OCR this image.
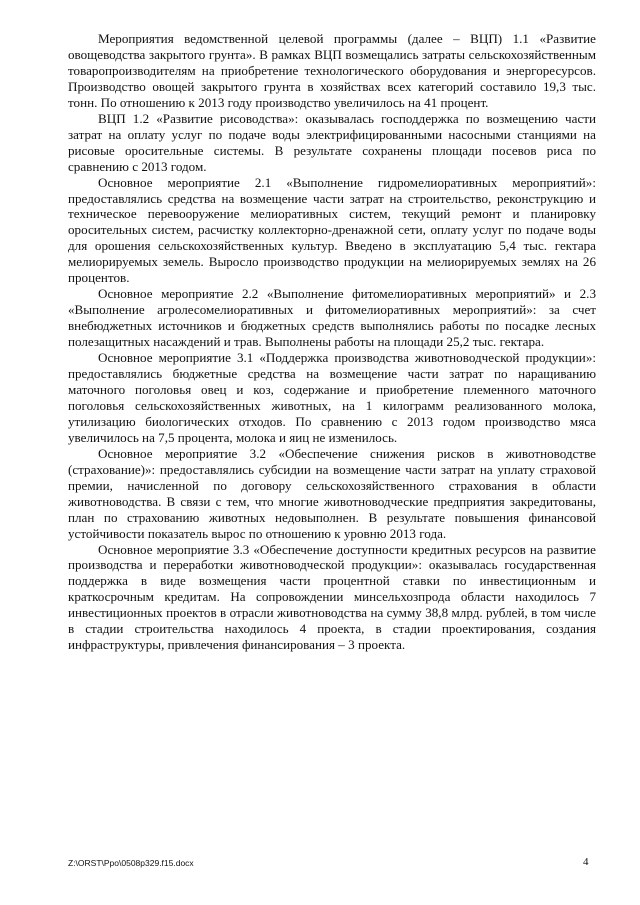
Мероприятия ведомственной целевой программы (далее – ВЦП) 1.1 «Развитие овощеводства закрытого грунта». В рамках ВЦП возмещались затраты сельскохозяйственным товаропроизводителям на приобретение технологического оборудования и энергоресурсов. Производство овощей закрытого грунта в хозяйствах всех категорий составило 19,3 тыс. тонн. По отношению к 2013 году производство увеличилось на 41 процент.

ВЦП 1.2 «Развитие рисоводства»: оказывалась господдержка по возмещению части затрат на оплату услуг по подаче воды электрифицированными насосными станциями на рисовые оросительные системы. В результате сохранены площади посевов риса по сравнению с 2013 годом.

Основное мероприятие 2.1 «Выполнение гидромелиоративных мероприятий»: предоставлялись средства на возмещение части затрат на строительство, реконструкцию и техническое перевооружение мелиоративных систем, текущий ремонт и планировку оросительных систем, расчистку коллекторно-дренажной сети, оплату услуг по подаче воды для орошения сельскохозяйственных культур. Введено в эксплуатацию 5,4 тыс. гектара мелиорируемых земель. Выросло производство продукции на мелиорируемых землях на 26 процентов.

Основное мероприятие 2.2 «Выполнение фитомелиоративных мероприятий» и 2.3 «Выполнение агролесомелиоративных и фитомелиоративных мероприятий»: за счет внебюджетных источников и бюджетных средств выполнялись работы по посадке лесных полезащитных насаждений и трав. Выполнены работы на площади 25,2 тыс. гектара.

Основное мероприятие 3.1 «Поддержка производства животноводческой продукции»: предоставлялись бюджетные средства на возмещение части затрат по наращиванию маточного поголовья овец и коз, содержание и приобретение племенного маточного поголовья сельскохозяйственных животных, на 1 килограмм реализованного молока, утилизацию биологических отходов. По сравнению с 2013 годом производство мяса увеличилось на 7,5 процента, молока и яиц не изменилось.

Основное мероприятие 3.2 «Обеспечение снижения рисков в животноводстве (страхование)»: предоставлялись субсидии на возмещение части затрат на уплату страховой премии, начисленной по договору сельскохозяйственного страхования в области животноводства. В связи с тем, что многие животноводческие предприятия закредитованы, план по страхованию животных недовыполнен. В результате повышения финансовой устойчивости показатель вырос по отношению к уровню 2013 года.

Основное мероприятие 3.3 «Обеспечение доступности кредитных ресурсов на развитие производства и переработки животноводческой продукции»: оказывалась государственная поддержка в виде возмещения части процентной ставки по инвестиционным и краткосрочным кредитам. На сопровождении минсельхозпрода области находилось 7 инвестиционных проектов в отрасли животноводства на сумму 38,8 млрд. рублей, в том числе в стадии строительства находилось 4 проекта, в стадии проектирования, создания инфраструктуры, привлечения финансирования – 3 проекта.

Z:\ORST\Ppo\0508p329.f15.docx	4
